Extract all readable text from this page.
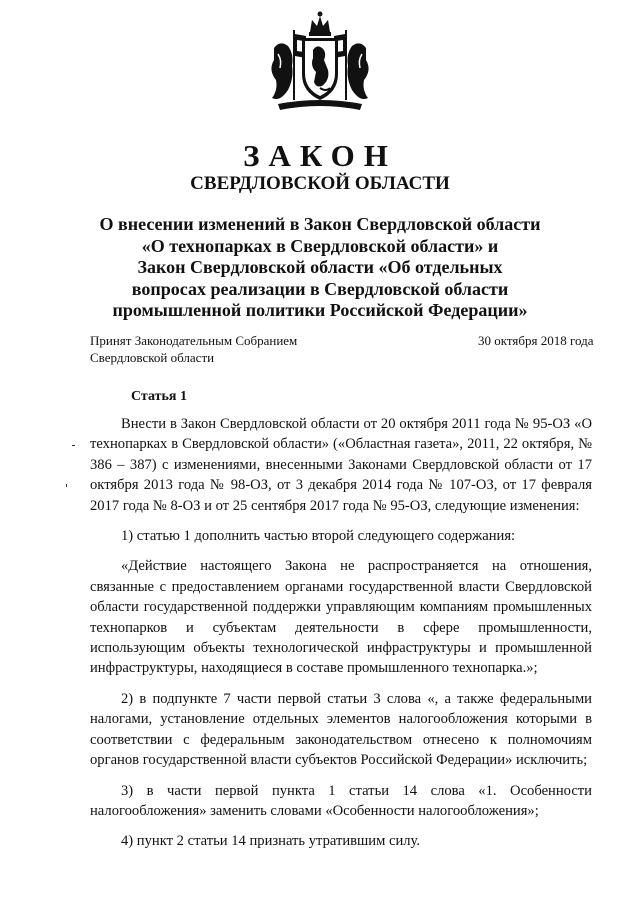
ЗАКОН
СВЕРДЛОВСКОЙ ОБЛАСТИ
О внесении изменений в Закон Свердловской области
«О технопарках в Свердловской области» и
Закон Свердловской области «Об отдельных
вопросах реализации в Свердловской области
промышленной политики Российской Федерации»
Принят Законодательным Собранием
Свердловской области
30 октября 2018 года
Статья 1

Внести в Закон Свердловской области от 20 октября 2011 года № 95-ОЗ «О технопарках в Свердловской области» («Областная газета», 2011, 22 октября, № 386 – 387) с изменениями, внесенными Законами Свердловской области от 17 октября 2013 года № 98-ОЗ, от 3 декабря 2014 года № 107-ОЗ, от 17 февраля 2017 года № 8-ОЗ и от 25 сентября 2017 года № 95-ОЗ, следующие изменения:

1) статью 1 дополнить частью второй следующего содержания:

«Действие настоящего Закона не распространяется на отношения, связанные с предоставлением органами государственной власти Свердловской области государственной поддержки управляющим компаниям промышленных технопарков и субъектам деятельности в сфере промышленности, использующим объекты технологической инфраструктуры и промышленной инфраструктуры, находящиеся в составе промышленного технопарка.»;

2) в подпункте 7 части первой статьи 3 слова «, а также федеральными налогами, установление отдельных элементов налогообложения которыми в соответствии с федеральным законодательством отнесено к полномочиям органов государственной власти субъектов Российской Федерации» исключить;

3) в части первой пункта 1 статьи 14 слова «1. Особенности налогообложения» заменить словами «Особенности налогообложения»;

4) пункт 2 статьи 14 признать утратившим силу.
